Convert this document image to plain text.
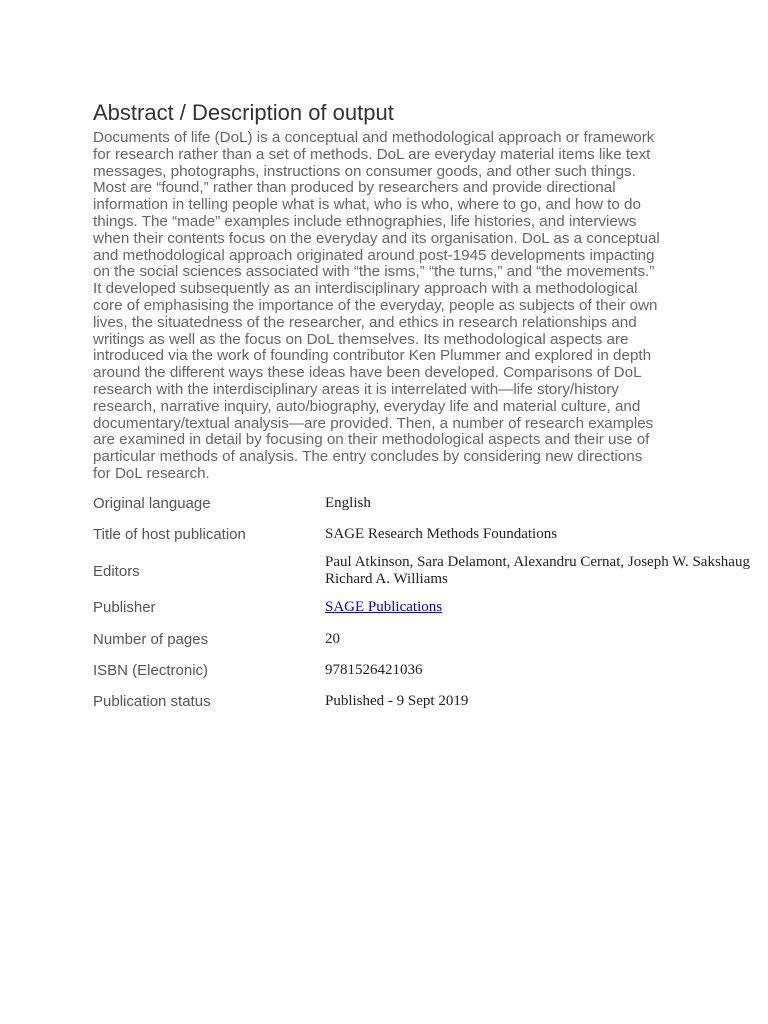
Abstract / Description of output
Documents of life (DoL) is a conceptual and methodological approach or framework
for research rather than a set of methods. DoL are everyday material items like text
messages, photographs, instructions on consumer goods, and other such things.
Most are “found,” rather than produced by researchers and provide directional
information in telling people what is what, who is who, where to go, and how to do
things. The “made” examples include ethnographies, life histories, and interviews
when their contents focus on the everyday and its organisation. DoL as a conceptual
and methodological approach originated around post-1945 developments impacting
on the social sciences associated with “the isms,” “the turns,” and “the movements.”
It developed subsequently as an interdisciplinary approach with a methodological
core of emphasising the importance of the everyday, people as subjects of their own
lives, the situatedness of the researcher, and ethics in research relationships and
writings as well as the focus on DoL themselves. Its methodological aspects are
introduced via the work of founding contributor Ken Plummer and explored in depth
around the different ways these ideas have been developed. Comparisons of DoL
research with the interdisciplinary areas it is interrelated with—life story/history
research, narrative inquiry, auto/biography, everyday life and material culture, and
documentary/textual analysis—are provided. Then, a number of research examples
are examined in detail by focusing on their methodological aspects and their use of
particular methods of analysis. The entry concludes by considering new directions
for DoL research.
Original language	English
Title of host publication	SAGE Research Methods Foundations
Editors	Paul Atkinson, Sara Delamont, Alexandru Cernat, Joseph W. Sakshaug
Richard A. Williams

Publisher	SAGE Publications
Number of pages	20
ISBN (Electronic)	9781526421036
Publication status	Published - 9 Sept 2019
